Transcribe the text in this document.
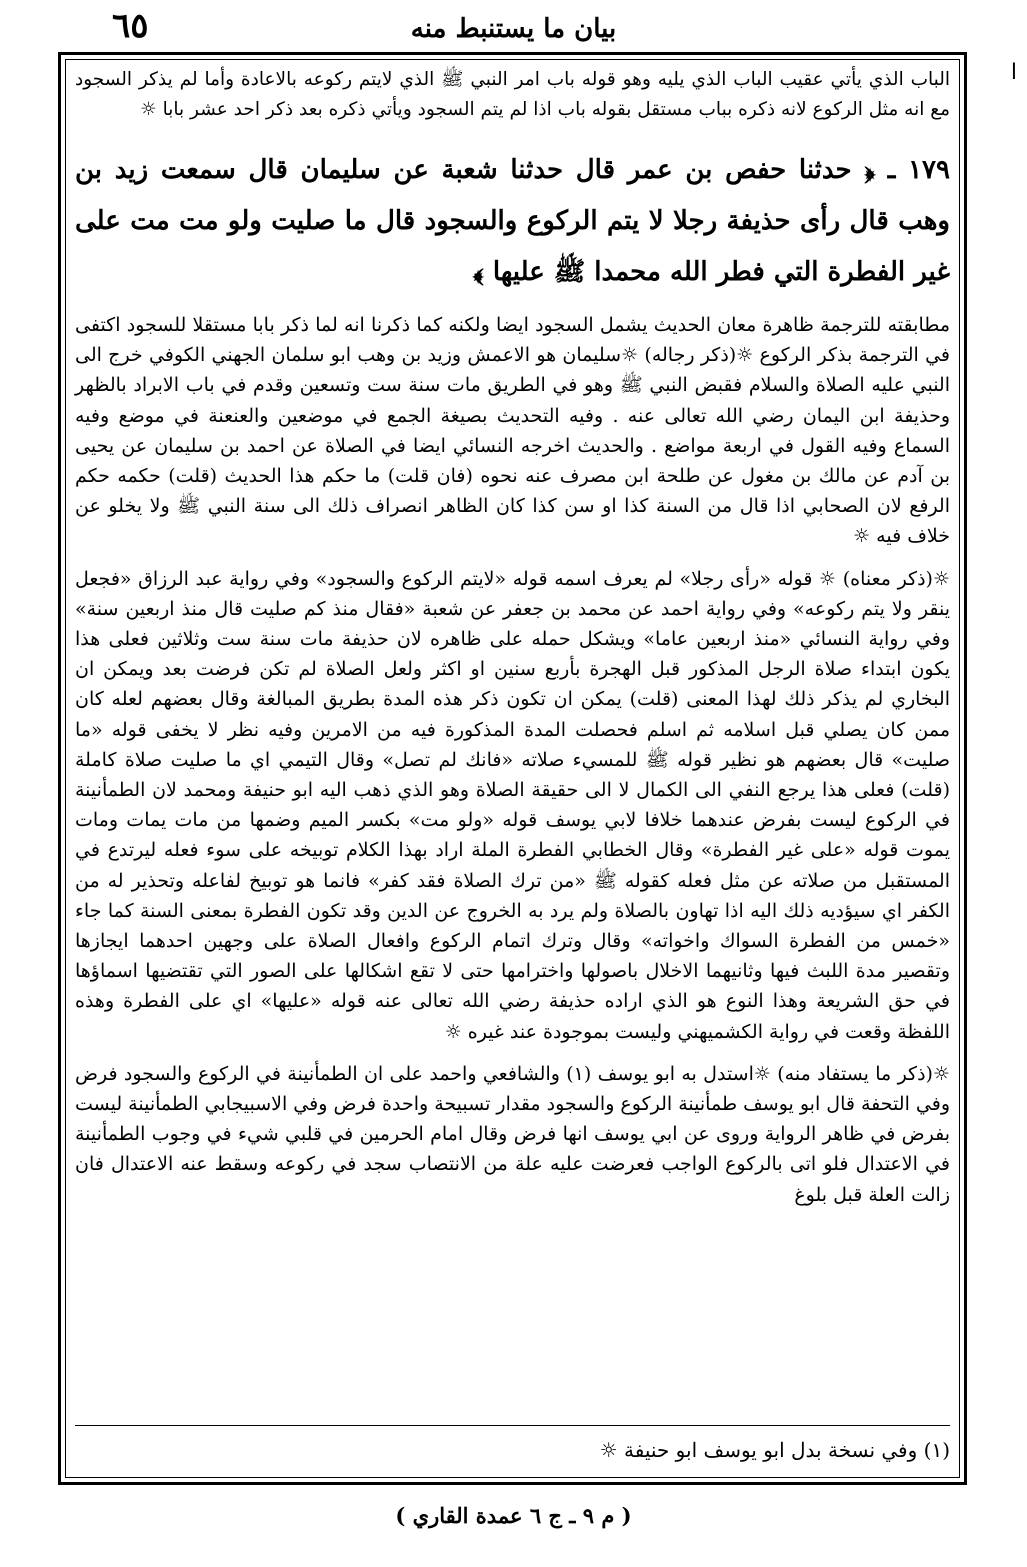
٦٥	بيان ما يستنبط منه
ا

الباب الذي يأتي عقيب الباب الذي يليه وهو قوله باب امر النبي ﷺ الذي لايتم ركوعه بالاعادة وأما لم يذكر السجود مع انه مثل الركوع لانه ذكره بباب مستقل بقوله باب اذا لم يتم السجود ويأتي ذكره بعد ذكر احد عشر بابا ☼

١٧٩ ـ ﴿ حدثنا حفص بن عمر قال حدثنا شعبة عن سليمان قال سمعت زيد بن وهب قال رأى حذيفة رجلا لا يتم الركوع والسجود قال ما صليت ولو مت مت على غير الفطرة التي فطر الله محمدا ﷺ عليها ﴾

مطابقته للترجمة ظاهرة معان الحديث يشمل السجود ايضا ولكنه كما ذكرنا انه لما ذكر بابا مستقلا للسجود اكتفى في الترجمة بذكر الركوع ☼(ذكر رجاله) ☼سليمان هو الاعمش وزيد بن وهب ابو سلمان الجهني الكوفي خرج الى النبي عليه الصلاة والسلام فقبض النبي ﷺ وهو في الطريق مات سنة ست وتسعين وقدم في باب الابراد بالظهر وحذيفة ابن اليمان رضي الله تعالى عنه . وفيه التحديث بصيغة الجمع في موضعين والعنعنة في موضع وفيه السماع وفيه القول في اربعة مواضع . والحديث اخرجه النسائي ايضا في الصلاة عن احمد بن سليمان عن يحيى بن آدم عن مالك بن مغول عن طلحة ابن مصرف عنه نحوه (فان قلت) ما حكم هذا الحديث (قلت) حكمه حكم الرفع لان الصحابي اذا قال من السنة كذا او سن كذا كان الظاهر انصراف ذلك الى سنة النبي ﷺ ولا يخلو عن خلاف فيه ☼

☼(ذكر معناه) ☼ قوله «رأى رجلا» لم يعرف اسمه قوله «لايتم الركوع والسجود» وفي رواية عبد الرزاق «فجعل ينقر ولا يتم ركوعه» وفي رواية احمد عن محمد بن جعفر عن شعبة «فقال منذ كم صليت قال منذ اربعين سنة» وفي رواية النسائي «منذ اربعين عاما» ويشكل حمله على ظاهره لان حذيفة مات سنة ست وثلاثين فعلى هذا يكون ابتداء صلاة الرجل المذكور قبل الهجرة بأربع سنين او اكثر ولعل الصلاة لم تكن فرضت بعد ويمكن ان البخاري لم يذكر ذلك لهذا المعنى (قلت) يمكن ان تكون ذكر هذه المدة بطريق المبالغة وقال بعضهم لعله كان ممن كان يصلي قبل اسلامه ثم اسلم فحصلت المدة المذكورة فيه من الامرين وفيه نظر لا يخفى قوله «ما صليت» قال بعضهم هو نظير قوله ﷺ للمسيء صلاته «فانك لم تصل» وقال التيمي اي ما صليت صلاة كاملة (قلت) فعلى هذا يرجع النفي الى الكمال لا الى حقيقة الصلاة وهو الذي ذهب اليه ابو حنيفة ومحمد لان الطمأنينة في الركوع ليست بفرض عندهما خلافا لابي يوسف قوله «ولو مت» بكسر الميم وضمها من مات يمات ومات يموت قوله «على غير الفطرة» وقال الخطابي الفطرة الملة اراد بهذا الكلام توبيخه على سوء فعله ليرتدع في المستقبل من صلاته عن مثل فعله كقوله ﷺ «من ترك الصلاة فقد كفر» فانما هو توبيخ لفاعله وتحذير له من الكفر اي سيؤديه ذلك اليه اذا تهاون بالصلاة ولم يرد به الخروج عن الدين وقد تكون الفطرة بمعنى السنة كما جاء «خمس من الفطرة السواك واخواته» وقال وترك اتمام الركوع وافعال الصلاة على وجهين احدهما ايجازها وتقصير مدة اللبث فيها وثانيهما الاخلال باصولها واخترامها حتى لا تقع اشكالها على الصور التي تقتضيها اسماؤها في حق الشريعة وهذا النوع هو الذي اراده حذيفة رضي الله تعالى عنه قوله «عليها» اي على الفطرة وهذه اللفظة وقعت في رواية الكشميهني وليست بموجودة عند غيره ☼

☼(ذكر ما يستفاد منه) ☼استدل به ابو يوسف (١) والشافعي واحمد على ان الطمأنينة في الركوع والسجود فرض وفي التحفة قال ابو يوسف طمأنينة الركوع والسجود مقدار تسبيحة واحدة فرض وفي الاسبيجابي الطمأنينة ليست بفرض في ظاهر الرواية وروى عن ابي يوسف انها فرض وقال امام الحرمين في قلبي شيء في وجوب الطمأنينة في الاعتدال فلو اتى بالركوع الواجب فعرضت عليه علة من الانتصاب سجد في ركوعه وسقط عنه الاعتدال فان زالت العلة قبل بلوغ

(١) وفي نسخة بدل ابو يوسف ابو حنيفة ☼
( م ٩ ـ ج ٦ عمدة القاري )
